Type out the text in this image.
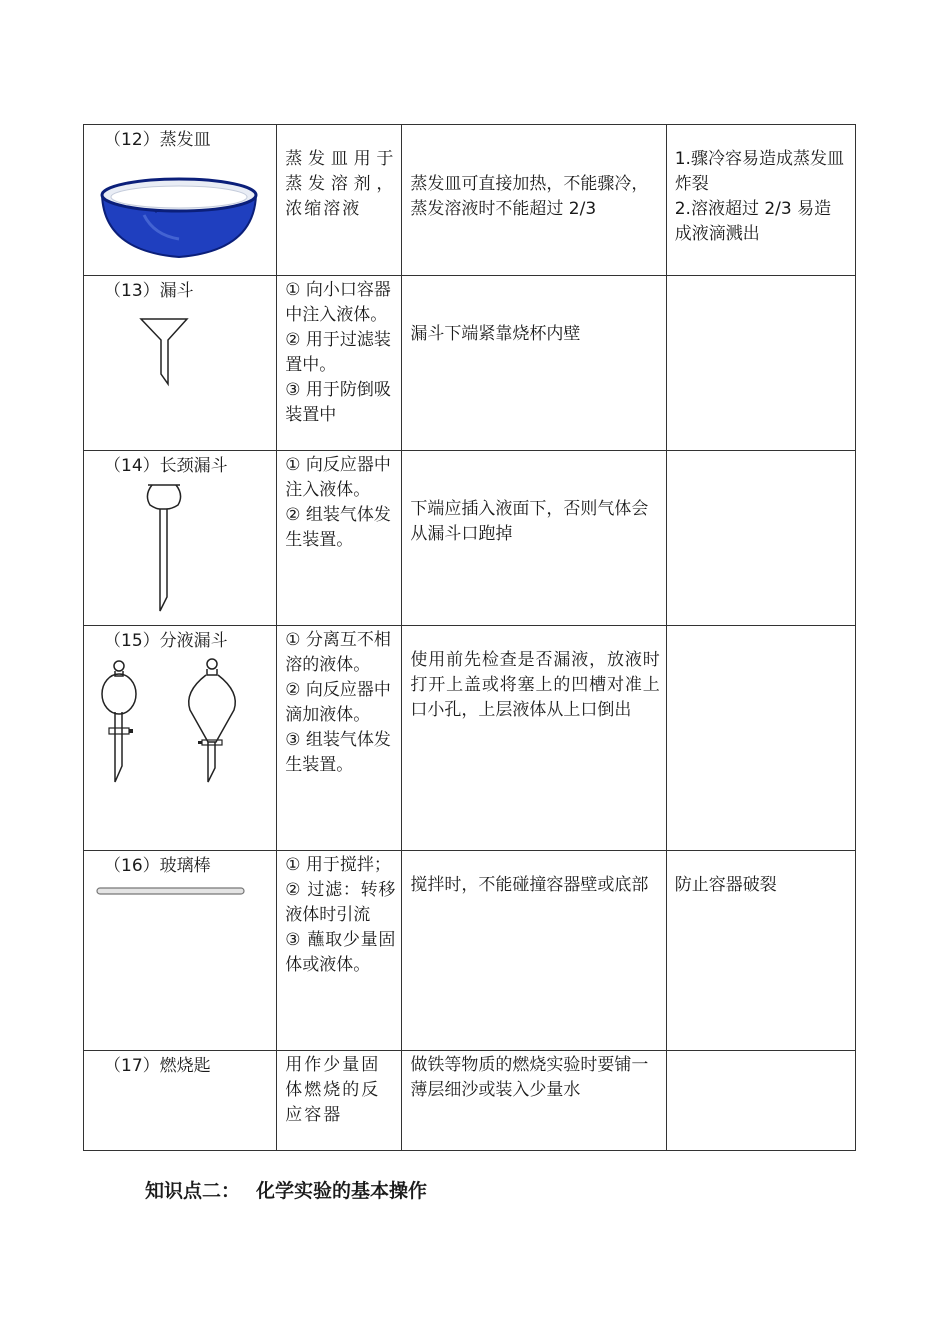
（12）蒸发皿	蒸发皿用于蒸发溶剂，浓缩溶液	蒸发皿可直接加热，不能骤冷，蒸发溶液时不能超过 2/3	1.骤冷容易造成蒸发皿炸裂
2.溶液超过 2/3 易造成液滴溅出

（13）漏斗	① 向小口容器中注入液体。
② 用于过滤装置中。
③ 用于防倒吸装置中	漏斗下端紧靠烧杯内壁	

（14）长颈漏斗	① 向反应器中注入液体。
② 组装气体发生装置。	下端应插入液面下，否则气体会从漏斗口跑掉	

（15）分液漏斗	① 分离互不相溶的液体。
② 向反应器中滴加液体。
③ 组装气体发生装置。	使用前先检查是否漏液，放液时打开上盖或将塞上的凹槽对准上口小孔，上层液体从上口倒出	

（16）玻璃棒	① 用于搅拌；
② 过滤：转移液体时引流
③ 蘸取少量固体或液体。	搅拌时，不能碰撞容器壁或底部	防止容器破裂

（17）燃烧匙	用作少量固体燃烧的反应容器	做铁等物质的燃烧实验时要铺一薄层细沙或装入少量水	

知识点二： 化学实验的基本操作
